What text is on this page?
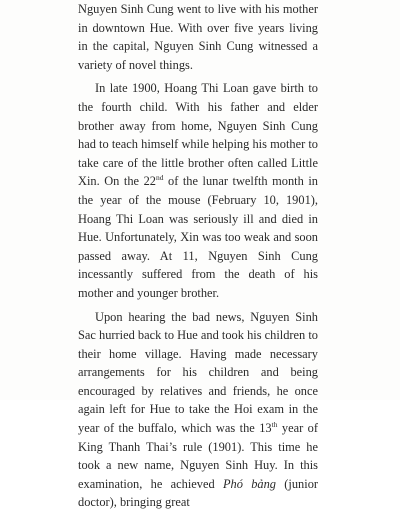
Nguyen Sinh Cung went to live with his mother in downtown Hue. With over five years living in the capital, Nguyen Sinh Cung witnessed a variety of novel things.

In late 1900, Hoang Thi Loan gave birth to the fourth child. With his father and elder brother away from home, Nguyen Sinh Cung had to teach himself while helping his mother to take care of the little brother often called Little Xin. On the 22nd of the lunar twelfth month in the year of the mouse (February 10, 1901), Hoang Thi Loan was seriously ill and died in Hue. Unfortunately, Xin was too weak and soon passed away. At 11, Nguyen Sinh Cung incessantly suffered from the death of his mother and younger brother.

Upon hearing the bad news, Nguyen Sinh Sac hurried back to Hue and took his children to their home village. Having made necessary arrangements for his children and being encouraged by relatives and friends, he once again left for Hue to take the Hoi exam in the year of the buffalo, which was the 13th year of King Thanh Thai’s rule (1901). This time he took a new name, Nguyen Sinh Huy. In this examination, he achieved Phó bảng (junior doctor), bringing great
